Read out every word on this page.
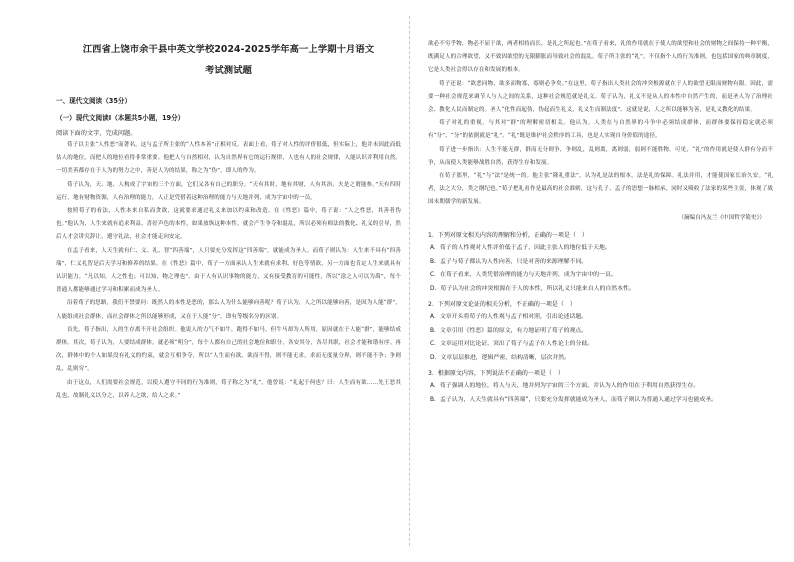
江西省上饶市余干县中英文学校2024-2025学年高一上学期十月语文
考试测试题
一、现代文阅读（35分）
（一）现代文阅读Ⅰ（本题共5小题，19分）
阅读下面的文字，完成问题。

荀子以主张“人性恶”而著名，这与孟子所主张的“人性本善”正相对反。表面上看，荀子对人性的评价很低，但实际上，他并未因此而低估人的地位，而把人的地位看得非常重要。他把人与自然相对，认为自然界有它的运行规律，人也有人的社会规律，人能认识并利用自然。一切美善都存在于人为的努力之中，善是人为的结果，称之为“伪”，即人的作为。

荀子认为，天、地、人构成了宇宙的三个方面，它们又各有自己的职分。“天有其时，地有其财，人有其治，夫是之谓能参。”天有四时运行，地有财物资源，人有治理的能力，人正是凭借着这种治理的能力与天地并列，成为宇宙中的一员。

按照荀子的看法，人性本来自私而贪欲，这就要求通过礼义来加以约束和改造。在《性恶》篇中，荀子说：“人之性恶，其善者伪也。”他认为，人生来就有追求利益、喜好声色的本性，如果放纵这种本性，就会产生争夺和混乱，所以必须有师法的教化、礼义的引导，然后人才会讲究辞让，遵守礼法，社会才能走向安定。

在孟子看来，人天生就有仁、义、礼、智“四善端”，人只要充分发挥这“四善端”，就能成为圣人。而荀子则认为：人生来不具有“四善端”，仁义礼智是后天学习和修养的结果。在《性恶》篇中，荀子一方面承认人生来就有求利、好色等情欲，另一方面也肯定人生来就具有认识能力，“凡以知，人之性也；可以知，物之理也”。由于人有认识事物的能力，又有接受教育的可能性，所以“涂之人可以为禹”，每个普通人都能够通过学习和积累而成为圣人。

沿着荀子的思路，我们不禁要问：既然人的本性是恶的，那么人为什么能够向善呢？荀子认为，人之所以能够向善，是因为人能“群”，人能组成社会群体，而社会群体之所以能够形成，又在于人能“分”，即有等级名分的区别。

首先，荀子指出，人的生存离不开社会组织。他说人的力气不如牛，跑得不如马，但牛马却为人所用，原因就在于人能“群”，能够结成群体。其次，荀子认为，人要结成群体，就必须“明分”，每个人都有自己的社会地位和职分，各安其分，各尽其职，社会才能和谐有序。再次，群体中的个人如果没有礼义的约束，就会互相争夺，所以“人生而有欲，欲而不得，则不能无求，求而无度量分界，则不能不争；争则乱，乱则穷”。

由于这点，人们需要社会规范，以使人遵守不同的行为准则，荀子称之为“礼”。他曾说：“礼起于何也？曰：人生而有欲……先王恶其乱也，故制礼义以分之，以养人之欲，给人之求。”

欲必不穷乎物，物必不屈于欲，两者相持而长，是礼之所起也。”在荀子看来，礼的作用就在于使人的欲望和社会的财物之间保持一种平衡，既满足人的合理欲望，又不致因欲望的无限膨胀而导致社会的混乱。荀子所主张的“礼”，不仅指个人的行为准则，也包括国家的典章制度，它是人类社会得以存在和发展的根本。

荀子还说：“欲恶同物，欲多而物寡，寡则必争矣。”在这里，荀子指出人类社会的冲突根源就在于人的欲望无限而财物有限。因此，需要一种社会规范来调节人与人之间的关系，这种社会规范就是礼义。荀子认为，礼义不是从人的本性中自然产生的，而是圣人为了治理社会、教化人民而制定的。圣人“化性而起伪，伪起而生礼义，礼义生而制法度”。这就是说，人之所以能够为善，是礼义教化的结果。

荀子对礼的重视，与其对“群”的理解密切相关。他认为，人类在与自然界的斗争中必须结成群体，而群体要保持稳定就必须有“分”，“分”的依据就是“礼”。“礼”既是维护社会秩序的工具，也是人实现自身价值的途径。

荀子进一步指出：人生不能无群，群而无分则争，争则乱，乱则离，离则弱，弱则不能胜物。可见，“礼”的作用就是使人群有分而不争，从而使人类能够战胜自然，获得生存和发展。

在荀子那里，“礼”与“法”是统一的。他主张“隆礼重法”，认为礼是法的根本，法是礼的保障。礼法并用，才能使国家长治久安。“礼者，法之大分，类之纲纪也。”荀子把礼看作是最高的社会准则，这与孔子、孟子的思想一脉相承，同时又吸收了法家的某些主张，体现了战国末期儒学的新发展。

（摘编自冯友兰《中国哲学简史》）
1．下列对原文相关内容的理解和分析，正确的一项是（　）
A．荀子的人性观对人性评价低于孟子，因此主张人的地位低于天地。
B．孟子与荀子都认为人性向善，只是对善的来源理解不同。
C．在荀子看来，人类凭借治理的能力与天地并列，成为宇宙中的一员。
D．荀子认为社会的冲突根源在于人的本性，所以礼义只能来自人的自然本性。
2．下列对原文论证的相关分析，不正确的一项是（　）
A．文章开头将荀子的人性观与孟子相对照，引出论述话题。
B．文章引用《性恶》篇的原文，有力地证明了荀子的观点。
C．文章运用对比论证，突出了荀子与孟子在人性论上的分歧。
D．文章层层推进，逻辑严密，结构清晰，层次井然。
3．根据原文内容，下列说法不正确的一项是（　）
A．荀子强调人的地位，将人与天、地并列为宇宙的三个方面，并认为人的作用在于利用自然获得生存。
B．孟子认为，人天生就具有“四善端”，只要充分发挥就能成为圣人，而荀子则认为普通人通过学习也能成圣。
